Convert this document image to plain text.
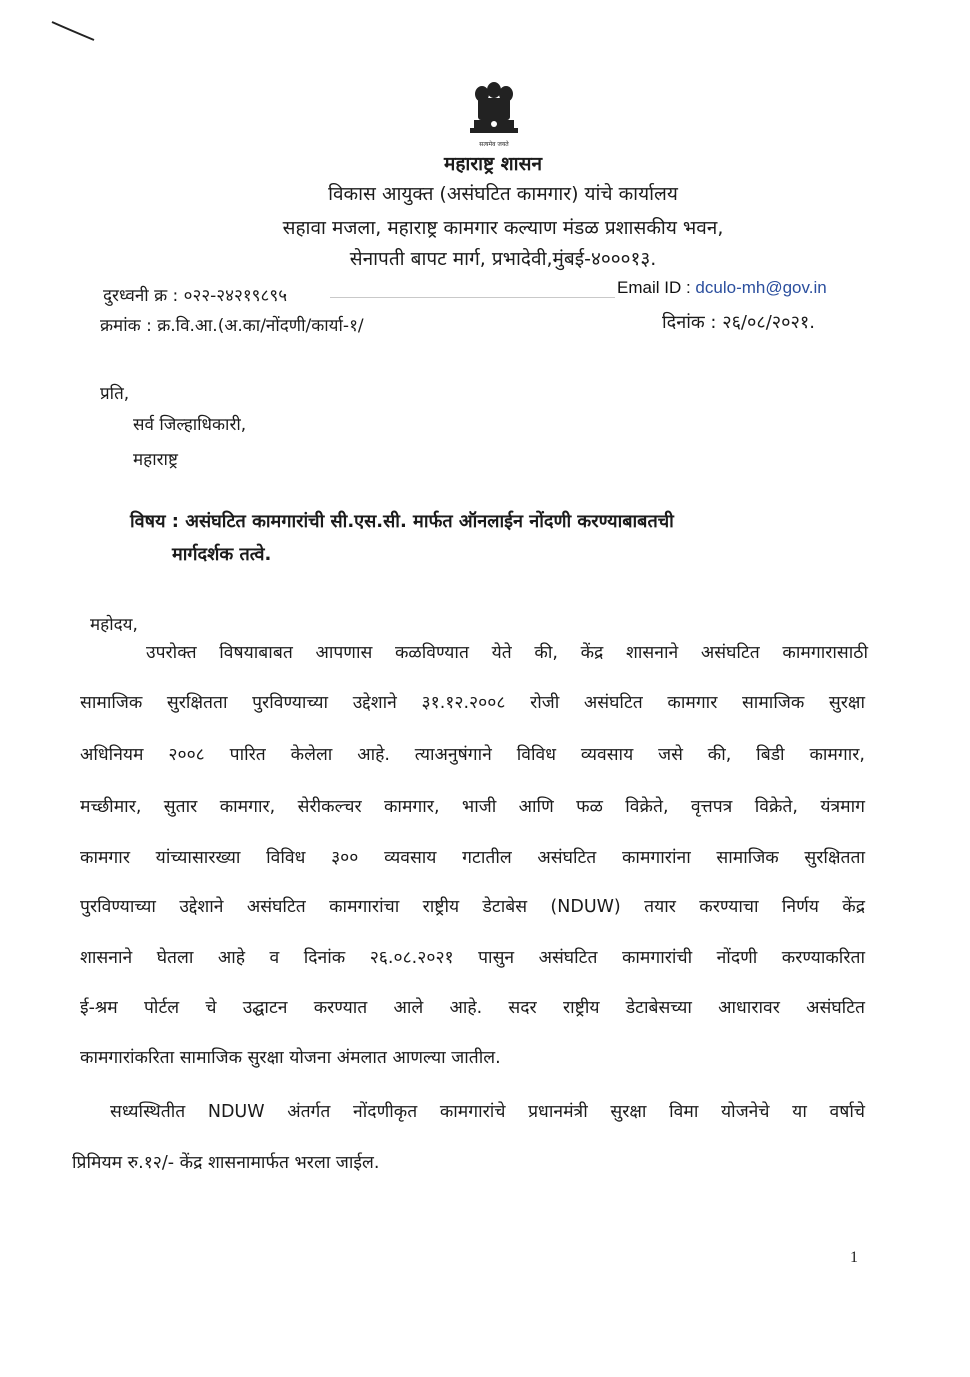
सत्यमेव जयते
महाराष्ट्र शासन
विकास आयुक्त (असंघटित कामगार) यांचे कार्यालय
सहावा मजला, महाराष्ट्र कामगार कल्याण मंडळ प्रशासकीय भवन,
सेनापती बापट मार्ग, प्रभादेवी,मुंबई-४०००१३.
दुरध्वनी क्र : ०२२-२४२१९८९५	Email ID : dculo-mh@gov.in
क्रमांक : क्र.वि.आ.(अ.का/नोंदणी/कार्या-१/	दिनांक : २६/०८/२०२१.
प्रति,
सर्व जिल्हाधिकारी,
महाराष्ट्र
विषय : असंघटित कामगारांची सी.एस.सी. मार्फत ऑनलाईन नोंदणी करण्याबाबतची
मार्गदर्शक तत्वे.
महोदय,
उपरोक्त विषयाबाबत आपणास कळविण्यात येते की, केंद्र शासनाने असंघटित कामगारासाठी
सामाजिक सुरक्षितता पुरविण्याच्या उद्देशाने ३१.१२.२००८ रोजी असंघटित कामगार सामाजिक सुरक्षा
अधिनियम २००८ पारित केलेला आहे. त्याअनुषंगाने विविध व्यवसाय जसे की, बिडी कामगार,
मच्छीमार, सुतार कामगार, सेरीकल्चर कामगार, भाजी आणि फळ विक्रेते, वृत्तपत्र विक्रेते, यंत्रमाग
कामगार यांच्यासारख्या विविध ३०० व्यवसाय गटातील असंघटित कामगारांना सामाजिक सुरक्षितता
पुरविण्याच्या उद्देशाने असंघटित कामगारांचा राष्ट्रीय डेटाबेस (NDUW) तयार करण्याचा निर्णय केंद्र
शासनाने घेतला आहे व दिनांक २६.०८.२०२१ पासुन असंघटित कामगारांची नोंदणी करण्याकरिता
ई-श्रम पोर्टल चे उद्घाटन करण्यात आले आहे. सदर राष्ट्रीय डेटाबेसच्या आधारावर असंघटित
कामगारांकरिता सामाजिक सुरक्षा योजना अंमलात आणल्या जातील.
सध्यस्थितीत NDUW अंतर्गत नोंदणीकृत कामगारांचे प्रधानमंत्री सुरक्षा विमा योजनेचे या वर्षाचे
प्रिमियम रु.१२/- केंद्र शासनामार्फत भरला जाईल.
1
